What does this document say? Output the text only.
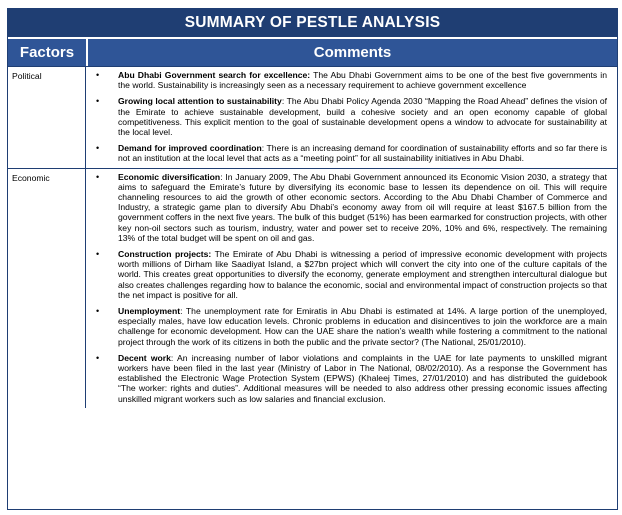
SUMMARY OF PESTLE ANALYSIS
Factors	Comments
Political	•	Abu Dhabi Government search for excellence: The Abu Dhabi Government aims to be one of the best five governments in the world. Sustainability is increasingly seen as a necessary requirement to achieve government excellence
•	Growing local attention to sustainability: The Abu Dhabi Policy Agenda 2030 “Mapping the Road Ahead” defines the vision of the Emirate to achieve sustainable development, build a cohesive society and an open economy capable of global competitiveness. This explicit mention to the goal of sustainable development opens a window to advocate for sustainability at the local level.
•	Demand for improved coordination: There is an increasing demand for coordination of sustainability efforts and so far there is not an institution at the local level that acts as a “meeting point” for all sustainability initiatives in Abu Dhabi.
Economic	•	Economic diversification: In January 2009, The Abu Dhabi Government announced its Economic Vision 2030, a strategy that aims to safeguard the Emirate’s future by diversifying its economic base to lessen its dependence on oil. This will require channeling resources to aid the growth of other economic sectors. According to the Abu Dhabi Chamber of Commerce and Industry, a strategic game plan to diversify Abu Dhabi’s economy away from oil will require at least $167.5 billion from the government coffers in the next five years. The bulk of this budget (51%) has been earmarked for construction projects, with other key non-oil sectors such as tourism, industry, water and power set to receive 20%, 10% and 6%, respectively. The remaining 13% of the total budget will be spent on oil and gas.
•	Construction projects: The Emirate of Abu Dhabi is witnessing a period of impressive economic development with projects worth millions of Dirham like Saadiyat Island, a $27bn project which will convert the city into one of the culture capitals of the world. This creates great opportunities to diversify the economy, generate employment and strengthen intercultural dialogue but also creates challenges regarding how to balance the economic, social and environmental impact of construction projects so that the net impact is positive for all.
•	Unemployment: The unemployment rate for Emiratis in Abu Dhabi is estimated at 14%. A large portion of the unemployed, especially males, have low education levels. Chronic problems in education and disincentives to join the workforce are a main challenge for economic development. How can the UAE share the nation’s wealth while fostering a commitment to the national project through the work of its citizens in both the public and the private sector? (The National, 25/01/2010).
•	Decent work: An increasing number of labor violations and complaints in the UAE for late payments to unskilled migrant workers have been filed in the last year (Ministry of Labor in The National, 08/02/2010). As a response the Government has established the Electronic Wage Protection System (EPWS) (Khaleej Times, 27/01/2010) and has distributed the guidebook “The worker: rights and duties”. Additional measures will be needed to also address other pressing economic issues affecting unskilled migrant workers such as low salaries and financial exclusion.
